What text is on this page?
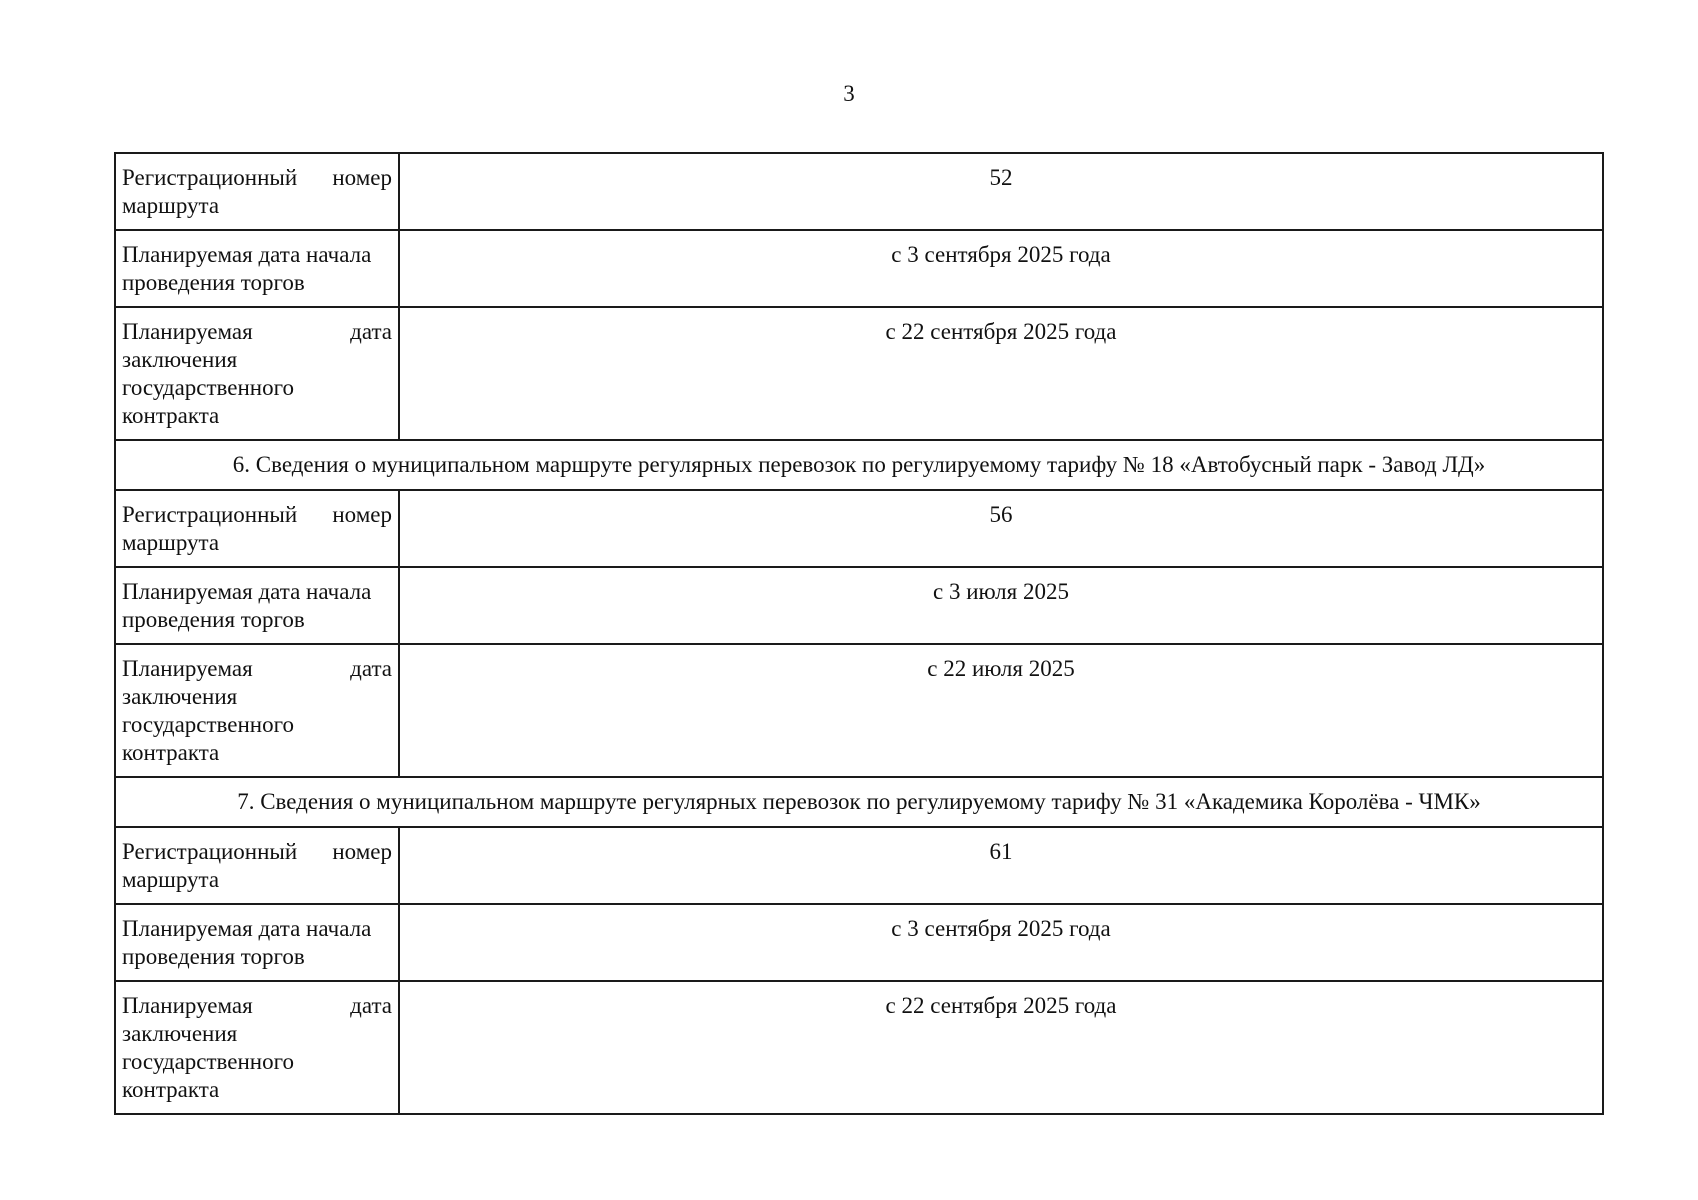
3
Регистрационный номер
маршрута	52

Планируемая дата начала
проведения торгов	с 3 сентября 2025 года

Планируемая дата
заключения
государственного
контракта	с 22 сентября 2025 года
6. Сведения о муниципальном маршруте регулярных перевозок по регулируемому тарифу № 18 «Автобусный парк - Завод ЛД»	

Регистрационный номер
маршрута	56

Планируемая дата начала
проведения торгов	с 3 июля 2025

Планируемая дата
заключения
государственного
контракта	с 22 июля 2025
7. Сведения о муниципальном маршруте регулярных перевозок по регулируемому тарифу № 31 «Академика Королёва - ЧМК»	

Регистрационный номер
маршрута	61

Планируемая дата начала
проведения торгов	с 3 сентября 2025 года

Планируемая дата
заключения
государственного
контракта	с 22 сентября 2025 года
